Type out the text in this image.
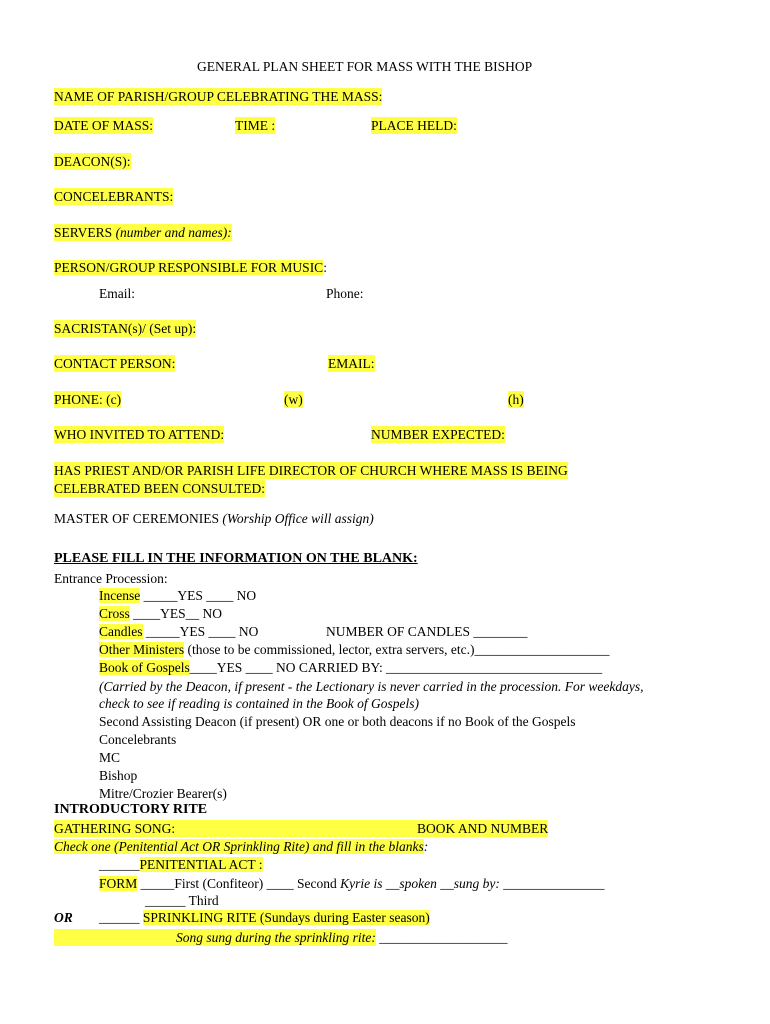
GENERAL PLAN SHEET FOR MASS WITH THE BISHOP
NAME OF PARISH/GROUP CELEBRATING THE MASS:
DATE OF MASS:	TIME :	PLACE HELD:
DEACON(S):
CONCELEBRANTS:
SERVERS (number and names):
PERSON/GROUP RESPONSIBLE FOR MUSIC:
Email:	Phone:
SACRISTAN(s)/ (Set up):
CONTACT PERSON:	EMAIL:
PHONE: (c)	(w)	(h)
WHO INVITED TO ATTEND:	NUMBER EXPECTED:
HAS PRIEST AND/OR PARISH LIFE DIRECTOR OF CHURCH WHERE MASS IS BEING
CELEBRATED BEEN CONSULTED:
MASTER OF CEREMONIES (Worship Office will assign)
PLEASE FILL IN THE INFORMATION ON THE BLANK:
Entrance Procession:
Incense _____YES ____ NO
Cross ____YES__ NO
Candles _____YES ____ NO	NUMBER OF CANDLES ________
Other Ministers (those to be commissioned, lector, extra servers, etc.)____________________
Book of Gospels____YES ____ NO CARRIED BY: ________________________________
(Carried by the Deacon, if present - the Lectionary is never carried in the procession. For weekdays,
check to see if reading is contained in the Book of Gospels)
Second Assisting Deacon (if present) OR one or both deacons if no Book of the Gospels
Concelebrants
MC
Bishop
Mitre/Crozier Bearer(s)
INTRODUCTORY RITE
GATHERING SONG:	BOOK AND NUMBER
Check one (Penitential Act OR Sprinkling Rite) and fill in the blanks:
______PENITENTIAL ACT :
FORM _____First (Confiteor) ____ Second Kyrie is __spoken __sung by: _______________
______ Third
OR ______ SPRINKLING RITE (Sundays during Easter season)
Song sung during the sprinkling rite: ___________________
